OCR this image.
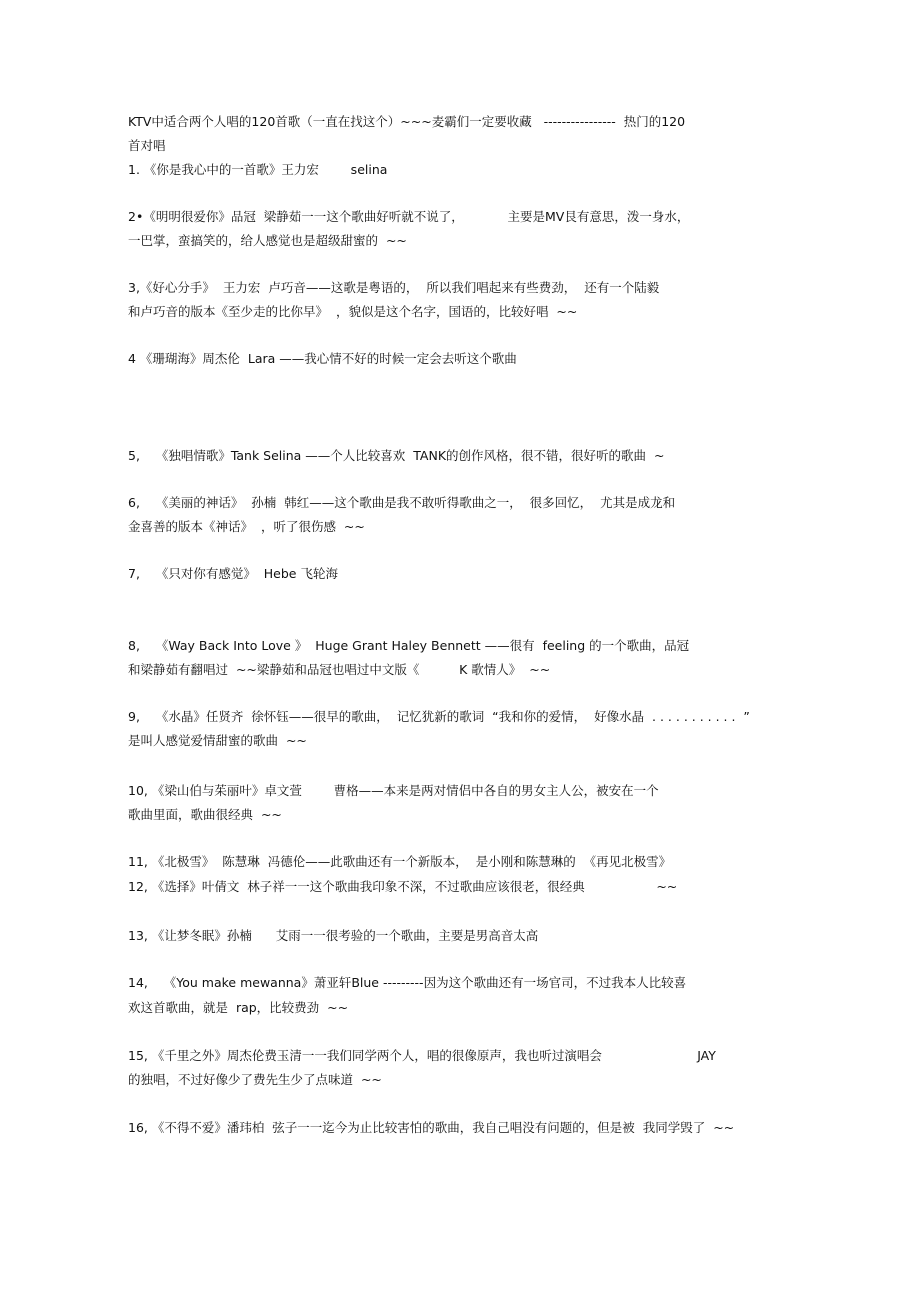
KTV中适合两个人唱的120首歌（一直在找这个）~~~麦霸们一定要收藏   ----------------  热门的120
首对唱
1. 《你是我心中的一首歌》王力宏        selina
2•《明明很爱你》品冠  梁静茹一一这个歌曲好听就不说了，           主要是MV艮有意思，泼一身水，
一巴掌，蛮搞笑的，给人感觉也是超级甜蜜的  ~~
3,《好心分手》  王力宏  卢巧音——这歌是粤语的，  所以我们唱起来有些费劲，  还有一个陆毅
和卢巧音的版本《至少走的比你早》  ，貌似是这个名字，国语的，比较好唱  ~~
4 《珊瑚海》周杰伦  Lara ——我心情不好的时候一定会去听这个歌曲
5,    《独唱情歌》Tank Selina ——个人比较喜欢  TANK的创作风格，很不错，很好听的歌曲  ~
6,    《美丽的神话》  孙楠  韩红——这个歌曲是我不敢听得歌曲之一，  很多回忆，  尤其是成龙和
金喜善的版本《神话》  ，听了很伤感  ~~
7,    《只对你有感觉》  Hebe 飞轮海
8,    《Way Back Into Love 》  Huge Grant Haley Bennett ——很有  feeling 的一个歌曲，品冠
和梁静茹有翻唱过  ~~梁静茹和品冠也唱过中文版《          K 歌情人》  ~~
9,    《水晶》任贤齐  徐怀钰——很早的歌曲，  记忆犹新的歌词  “我和你的爱情，  好像水晶  . . . . . . . . . . .  ”
是叫人感觉爱情甜蜜的歌曲  ~~
10, 《梁山伯与茱丽叶》卓文萱        曹格——本来是两对情侣中各自的男女主人公，被安在一个
歌曲里面，歌曲很经典  ~~
11, 《北极雪》  陈慧琳  冯德伦——此歌曲还有一个新版本，  是小刚和陈慧琳的  《再见北极雪》
12, 《选择》叶倩文  林子祥一一这个歌曲我印象不深，不过歌曲应该很老，很经典                  ~~
13, 《让梦冬眠》孙楠      艾雨一一很考验的一个歌曲，主要是男高音太高
14,    《You make mewanna》萧亚轩Blue ---------因为这个歌曲还有一场官司，不过我本人比较喜
欢这首歌曲，就是  rap，比较费劲  ~~
15, 《千里之外》周杰伦费玉清一一我们同学两个人，唱的很像原声，我也听过演唱会                        JAY
的独唱，不过好像少了费先生少了点味道  ~~
16, 《不得不爱》潘玮柏  弦子一一迄今为止比较害怕的歌曲，我自己唱没有问题的，但是被  我同学毁了  ~~
